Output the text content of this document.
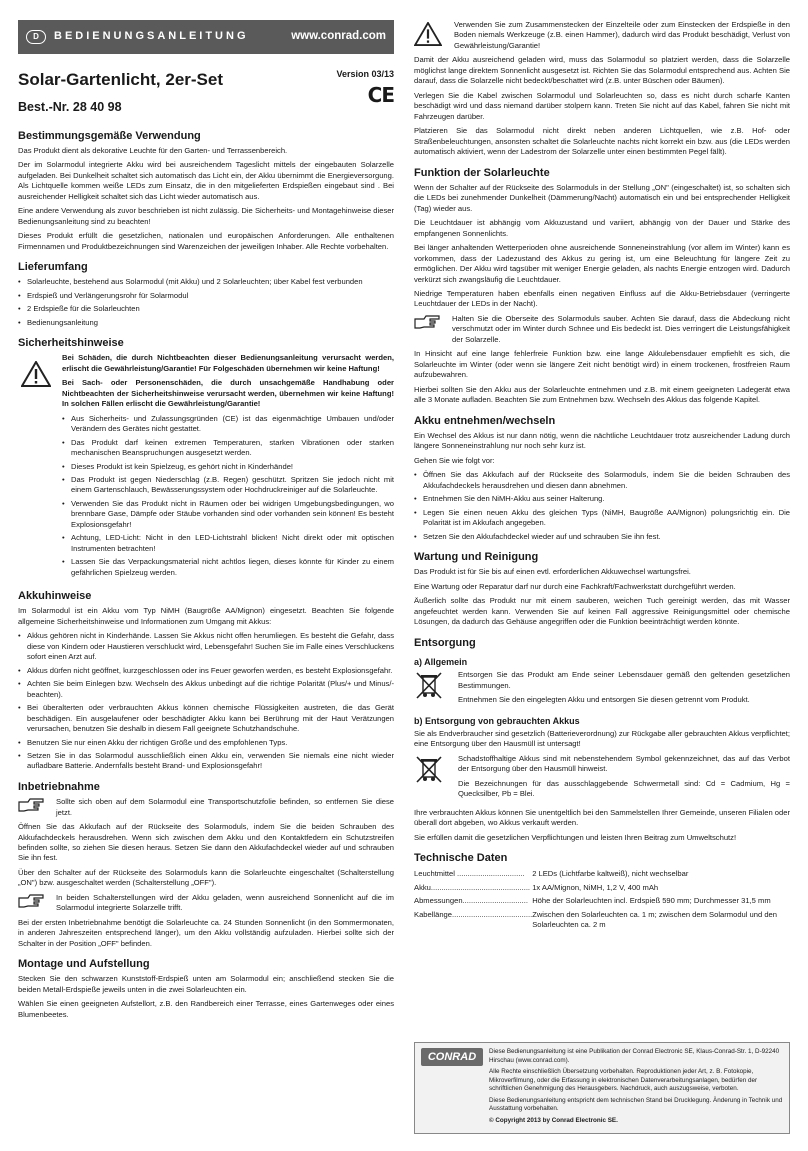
D	BEDIENUNGSANLEITUNG	www.conrad.com
Solar-Gartenlicht, 2er-Set
Best.-Nr. 28 40 98
Version 03/13
CE
Bestimmungsgemäße Verwendung

Das Produkt dient als dekorative Leuchte für den Garten- und Terrassenbereich.

Der im Solarmodul integrierte Akku wird bei ausreichendem Tageslicht mittels der eingebauten Solarzelle aufgeladen. Bei Dunkelheit schaltet sich automatisch das Licht ein, der Akku übernimmt die Energieversorgung. Als Lichtquelle kommen weiße LEDs zum Einsatz, die in den mitgelieferten Erdspießen eingebaut sind . Bei ausreichender Helligkeit schaltet sich das Licht wieder automatisch aus.

Eine andere Verwendung als zuvor beschrieben ist nicht zulässig. Die Sicherheits- und Montagehinweise dieser Bedienungsanleitung sind zu beachten!

Dieses Produkt erfüllt die gesetzlichen, nationalen und europäischen Anforderungen. Alle enthaltenen Firmennamen und Produktbezeichnungen sind Warenzeichen der jeweiligen Inhaber. Alle Rechte vorbehalten.

Lieferumfang
• Solarleuchte, bestehend aus Solarmodul (mit Akku) und 2 Solarleuchten; über Kabel fest verbunden
• Erdspieß und Verlängerungsrohr für Solarmodul
• 2 Erdspieße für die Solarleuchten
• Bedienungsanleitung
Sicherheitshinweise

Bei Schäden, die durch Nichtbeachten dieser Bedienungsanleitung verursacht werden, erlischt die Gewährleistung/Garantie! Für Folgeschäden übernehmen wir keine Haftung!

Bei Sach- oder Personenschäden, die durch unsachgemäße Handhabung oder Nichtbeachten der Sicherheitshinweise verursacht werden, übernehmen wir keine Haftung! In solchen Fällen erlischt die Gewährleistung/Garantie!

• Aus Sicherheits- und Zulassungsgründen (CE) ist das eigenmächtige Umbauen und/oder Verändern des Gerätes nicht gestattet.
• Das Produkt darf keinen extremen Temperaturen, starken Vibrationen oder starken mechanischen Beanspruchungen ausgesetzt werden.
• Dieses Produkt ist kein Spielzeug, es gehört nicht in Kinderhände!
• Das Produkt ist gegen Niederschlag (z.B. Regen) geschützt. Spritzen Sie jedoch nicht mit einem Gartenschlauch, Bewässerungssystem oder Hochdruckreiniger auf die Solarleuchte.
• Verwenden Sie das Produkt nicht in Räumen oder bei widrigen Umgebungsbedingungen, wo brennbare Gase, Dämpfe oder Stäube vorhanden sind oder vorhanden sein können! Es besteht Explosionsgefahr!
• Achtung, LED-Licht: Nicht in den LED-Lichtstrahl blicken! Nicht direkt oder mit optischen Instrumenten betrachten!
• Lassen Sie das Verpackungsmaterial nicht achtlos liegen, dieses könnte für Kinder zu einem gefährlichen Spielzeug werden.
Akkuhinweise

Im Solarmodul ist ein Akku vom Typ NiMH (Baugröße AA/Mignon) eingesetzt. Beachten Sie folgende allgemeine Sicherheitshinweise und Informationen zum Umgang mit Akkus:

• Akkus gehören nicht in Kinderhände. Lassen Sie Akkus nicht offen herumliegen. Es besteht die Gefahr, dass diese von Kindern oder Haustieren verschluckt wird, Lebensgefahr! Suchen Sie im Falle eines Verschluckens sofort einen Arzt auf.
• Akkus dürfen nicht geöffnet, kurzgeschlossen oder ins Feuer geworfen werden, es besteht Explosionsgefahr.
• Achten Sie beim Einlegen bzw. Wechseln des Akkus unbedingt auf die richtige Polarität (Plus/+ und Minus/- beachten).
• Bei überalterten oder verbrauchten Akkus können chemische Flüssigkeiten austreten, die das Gerät beschädigen. Ein ausgelaufener oder beschädigter Akku kann bei Berührung mit der Haut Verätzungen verursachen, benutzen Sie deshalb in diesem Fall geeignete Schutzhandschuhe.
• Benutzen Sie nur einen Akku der richtigen Größe und des empfohlenen Typs.
• Setzen Sie in das Solarmodul ausschließlich einen Akku ein, verwenden Sie niemals eine nicht wieder aufladbare Batterie. Andernfalls besteht Brand- und Explosionsgefahr!
Inbetriebnahme
Sollte sich oben auf dem Solarmodul eine Transportschutzfolie befinden, so entfernen Sie diese jetzt.

Öffnen Sie das Akkufach auf der Rückseite des Solarmoduls, indem Sie die beiden Schrauben des Akkufachdeckels herausdrehen. Wenn sich zwischen dem Akku und den Kontaktfedern ein Schutzstreifen befinden sollte, so ziehen Sie diesen heraus. Setzen Sie dann den Akkufachdeckel wieder auf und schrauben Sie ihn fest.

Über den Schalter auf der Rückseite des Solarmoduls kann die Solarleuchte eingeschaltet (Schalterstellung „ON") bzw. ausgeschaltet werden (Schalterstellung „OFF").

In beiden Schalterstellungen wird der Akku geladen, wenn ausreichend Sonnenlicht auf die im Solarmodul integrierte Solarzelle trifft.

Bei der ersten Inbetriebnahme benötigt die Solarleuchte ca. 24 Stunden Sonnenlicht (in den Sommermonaten, in anderen Jahreszeiten entsprechend länger), um den Akku vollständig aufzuladen. Hierbei sollte sich der Schalter in der Position „OFF" befinden.

Montage und Aufstellung

Stecken Sie den schwarzen Kunststoff-Erdspieß unten am Solarmodul ein; anschließend stecken Sie die beiden Metall-Erdspieße jeweils unten in die zwei Solarleuchten ein.

Wählen Sie einen geeigneten Aufstellort, z.B. den Randbereich einer Terrasse, eines Gartenweges oder eines Blumenbeetes.

Verwenden Sie zum Zusammenstecken der Einzelteile oder zum Einstecken der Erdspieße in den Boden niemals Werkzeuge (z.B. einen Hammer), dadurch wird das Produkt beschädigt, Verlust von Gewährleistung/Garantie!

Damit der Akku ausreichend geladen wird, muss das Solarmodul so platziert werden, dass die Solarzelle möglichst lange direktem Sonnenlicht ausgesetzt ist. Richten Sie das Solarmodul entsprechend aus. Achten Sie darauf, dass die Solarzelle nicht bedeckt/beschattet wird (z.B. unter Büschen oder Bäumen).

Verlegen Sie die Kabel zwischen Solarmodul und Solarleuchten so, dass es nicht durch scharfe Kanten beschädigt wird und dass niemand darüber stolpern kann. Treten Sie nicht auf das Kabel, fahren Sie nicht mit Fahrzeugen darüber.

Platzieren Sie das Solarmodul nicht direkt neben anderen Lichtquellen, wie z.B. Hof- oder Straßenbeleuchtungen, ansonsten schaltet die Solarleuchte nachts nicht korrekt ein bzw. aus (die LEDs werden automatisch aktiviert, wenn der Ladestrom der Solarzelle unter einen bestimmten Pegel fällt).

Funktion der Solarleuchte

Wenn der Schalter auf der Rückseite des Solarmoduls in der Stellung „ON" (eingeschaltet) ist, so schalten sich die LEDs bei zunehmender Dunkelheit (Dämmerung/Nacht) automatisch ein und bei entsprechender Helligkeit (Tag) wieder aus.

Die Leuchtdauer ist abhängig vom Akkuzustand und variiert, abhängig von der Dauer und Stärke des empfangenen Sonnenlichts.

Bei länger anhaltenden Wetterperioden ohne ausreichende Sonneneinstrahlung (vor allem im Winter) kann es vorkommen, dass der Ladezustand des Akkus zu gering ist, um eine Beleuchtung für längere Zeit zu ermöglichen. Der Akku wird tagsüber mit weniger Energie geladen, als nachts Energie entzogen wird. Dadurch verkürzt sich zwangsläufig die Leuchtdauer.

Niedrige Temperaturen haben ebenfalls einen negativen Einfluss auf die Akku-Betriebsdauer (verringerte Leuchtdauer der LEDs in der Nacht).

Halten Sie die Oberseite des Solarmoduls sauber. Achten Sie darauf, dass die Abdeckung nicht verschmutzt oder im Winter durch Schnee und Eis bedeckt ist. Dies verringert die Leistungsfähigkeit der Solarzelle.

In Hinsicht auf eine lange fehlerfreie Funktion bzw. eine lange Akkulebensdauer empfiehlt es sich, die Solarleuchte im Winter (oder wenn sie längere Zeit nicht benötigt wird) in einem trockenen, frostfreien Raum aufzubewahren.

Hierbei sollten Sie den Akku aus der Solarleuchte entnehmen und z.B. mit einem geeigneten Ladegerät etwa alle 3 Monate aufladen. Beachten Sie zum Entnehmen bzw. Wechseln des Akkus das folgende Kapitel.

Akku entnehmen/wechseln

Ein Wechsel des Akkus ist nur dann nötig, wenn die nächtliche Leuchtdauer trotz ausreichender Ladung durch längere Sonneneinstrahlung nur noch sehr kurz ist.

Gehen Sie wie folgt vor:

• Öffnen Sie das Akkufach auf der Rückseite des Solarmoduls, indem Sie die beiden Schrauben des Akkufachdeckels herausdrehen und diesen dann abnehmen.
• Entnehmen Sie den NiMH-Akku aus seiner Halterung.
• Legen Sie einen neuen Akku des gleichen Typs (NiMH, Baugröße AA/Mignon) polungsrichtig ein. Die Polarität ist im Akkufach angegeben.
• Setzen Sie den Akkufachdeckel wieder auf und schrauben Sie ihn fest.
Wartung und Reinigung

Das Produkt ist für Sie bis auf einen evtl. erforderlichen Akkuwechsel wartungsfrei.

Eine Wartung oder Reparatur darf nur durch eine Fachkraft/Fachwerkstatt durchgeführt werden.

Äußerlich sollte das Produkt nur mit einem sauberen, weichen Tuch gereinigt werden, das mit Wasser angefeuchtet werden kann. Verwenden Sie auf keinen Fall aggressive Reinigungsmittel oder chemische Lösungen, da dadurch das Gehäuse angegriffen oder die Funktion beeinträchtigt werden könnte.

Entsorgung
a) Allgemein

Entsorgen Sie das Produkt am Ende seiner Lebensdauer gemäß den geltenden gesetzlichen Bestimmungen.

Entnehmen Sie den eingelegten Akku und entsorgen Sie diesen getrennt vom Produkt.

b) Entsorgung von gebrauchten Akkus

Sie als Endverbraucher sind gesetzlich (Batterieverordnung) zur Rückgabe aller gebrauchten Akkus verpflichtet; eine Entsorgung über den Hausmüll ist untersagt!

Schadstoffhaltige Akkus sind mit nebenstehendem Symbol gekennzeichnet, das auf das Verbot der Entsorgung über den Hausmüll hinweist.

Die Bezeichnungen für das ausschlaggebende Schwermetall sind: Cd = Cadmium, Hg = Quecksilber, Pb = Blei.

Ihre verbrauchten Akkus können Sie unentgeltlich bei den Sammelstellen Ihrer Gemeinde, unseren Filialen oder überall dort abgeben, wo Akkus verkauft werden.

Sie erfüllen damit die gesetzlichen Verpflichtungen und leisten Ihren Beitrag zum Umweltschutz!

Technische Daten
Leuchtmittel ................................	2 LEDs (Lichtfarbe kaltweiß), nicht wechselbar
Akku...............................................	1x AA/Mignon, NiMH, 1,2 V, 400 mAh
Abmessungen...............................	Höhe der Solarleuchten incl. Erdspieß 590 mm; Durchmesser 31,5 mm
Kabellänge......................................	Zwischen den Solarleuchten ca. 1 m; zwischen dem Solarmodul und den Solarleuchten ca. 2 m
CONRAD	Diese Bedienungsanleitung ist eine Publikation der Conrad Electronic SE, Klaus-Conrad-Str. 1, D-92240 Hirschau (www.conrad.com).

Alle Rechte einschließlich Übersetzung vorbehalten. Reproduktionen jeder Art, z. B. Fotokopie, Mikroverfilmung, oder die Erfassung in elektronischen Datenverarbeitungsanlagen, bedürfen der schriftlichen Genehmigung des Herausgebers. Nachdruck, auch auszugsweise, verboten.

Diese Bedienungsanleitung entspricht dem technischen Stand bei Drucklegung. Änderung in Technik und Ausstattung vorbehalten.

© Copyright 2013 by Conrad Electronic SE.
